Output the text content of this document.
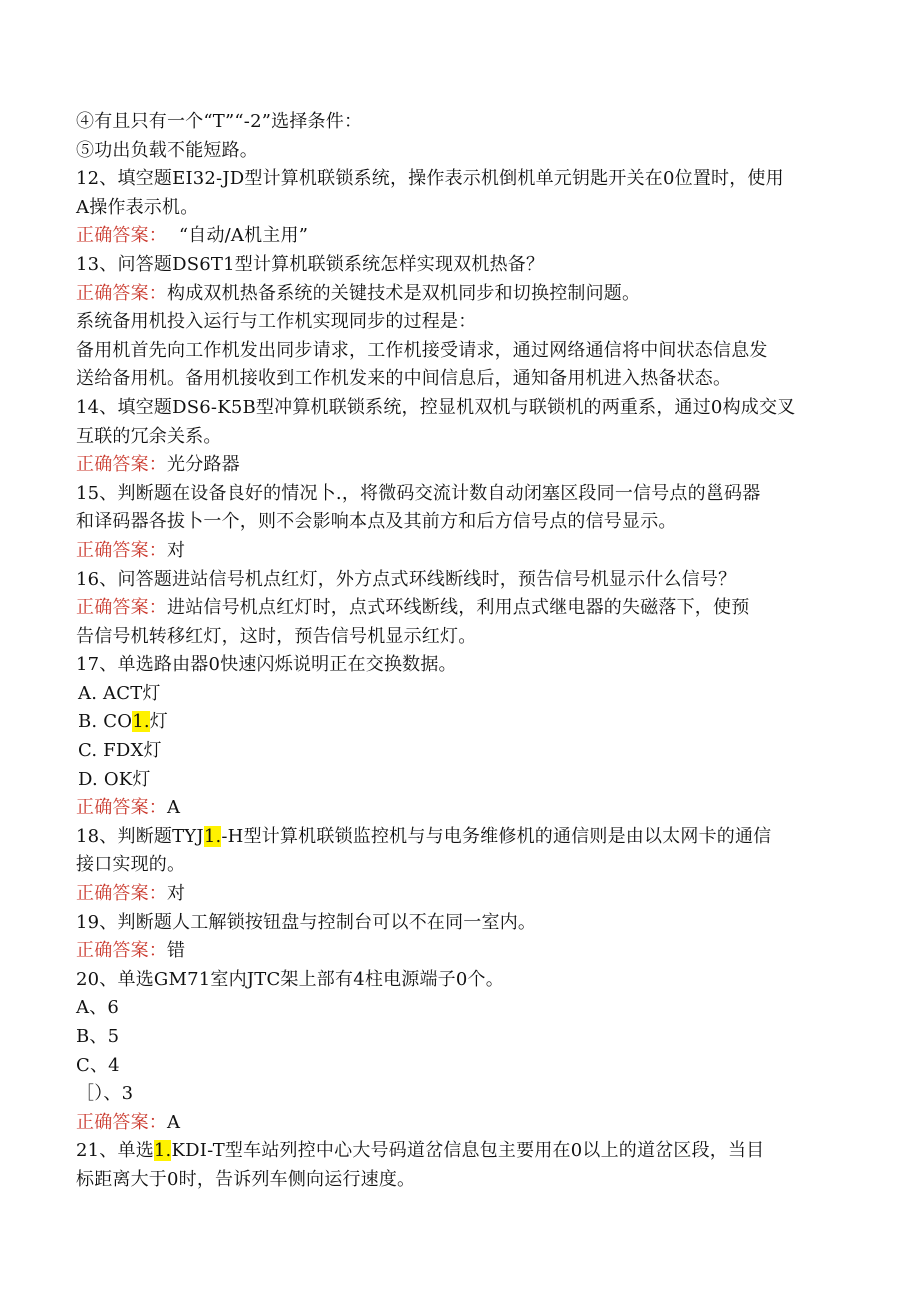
④有且只有一个“T”“-2”选择条件：
⑤功出负载不能短路。
12、填空题EI32-JD型计算机联锁系统，操作表示机倒机单元钥匙开关在0位置时，使用
A操作表示机。
正确答案： “自动/A机主用”
13、问答题DS6T1型计算机联锁系统怎样实现双机热备？
正确答案：构成双机热备系统的关键技术是双机同步和切换控制问题。
系统备用机投入运行与工作机实现同步的过程是：
备用机首先向工作机发出同步请求，工作机接受请求，通过网络通信将中间状态信息发
送给备用机。备用机接收到工作机发来的中间信息后，通知备用机进入热备状态。
14、填空题DS6-K5B型冲算机联锁系统，控显机双机与联锁机的两重系，通过0构成交叉
互联的冗余关系。
正确答案：光分路器
15、判断题在设备良好的情况卜.，将微码交流计数自动闭塞区段同一信号点的邕码器
和译码器各拔卜一个，则不会影响本点及其前方和后方信号点的信号显示。
正确答案：对
16、问答题进站信号机点红灯，外方点式环线断线时，预告信号机显示什么信号？
正确答案：进站信号机点红灯时，点式环线断线，利用点式继电器的失磁落下，使预
告信号机转移红灯，这时，预告信号机显示红灯。
17、单选路由器0快速闪烁说明正在交换数据。
A. ACT灯
B. CO1.灯
C. FDX灯
D. OK灯
正确答案：A
18、判断题TYJ1.-H型计算机联锁监控机与与电务维修机的通信则是由以太网卡的通信
接口实现的。
正确答案：对
19、判断题人工解锁按钮盘与控制台可以不在同一室内。
正确答案：错
20、单选GM71室内JTC架上部有4柱电源端子0个。
A、6
B、5
C、4
［）、3
正确答案：A
21、单选1.KDI-T型车站列控中心大号码道岔信息包主要用在0以上的道岔区段，当目
标距离大于0时，告诉列车侧向运行速度。
